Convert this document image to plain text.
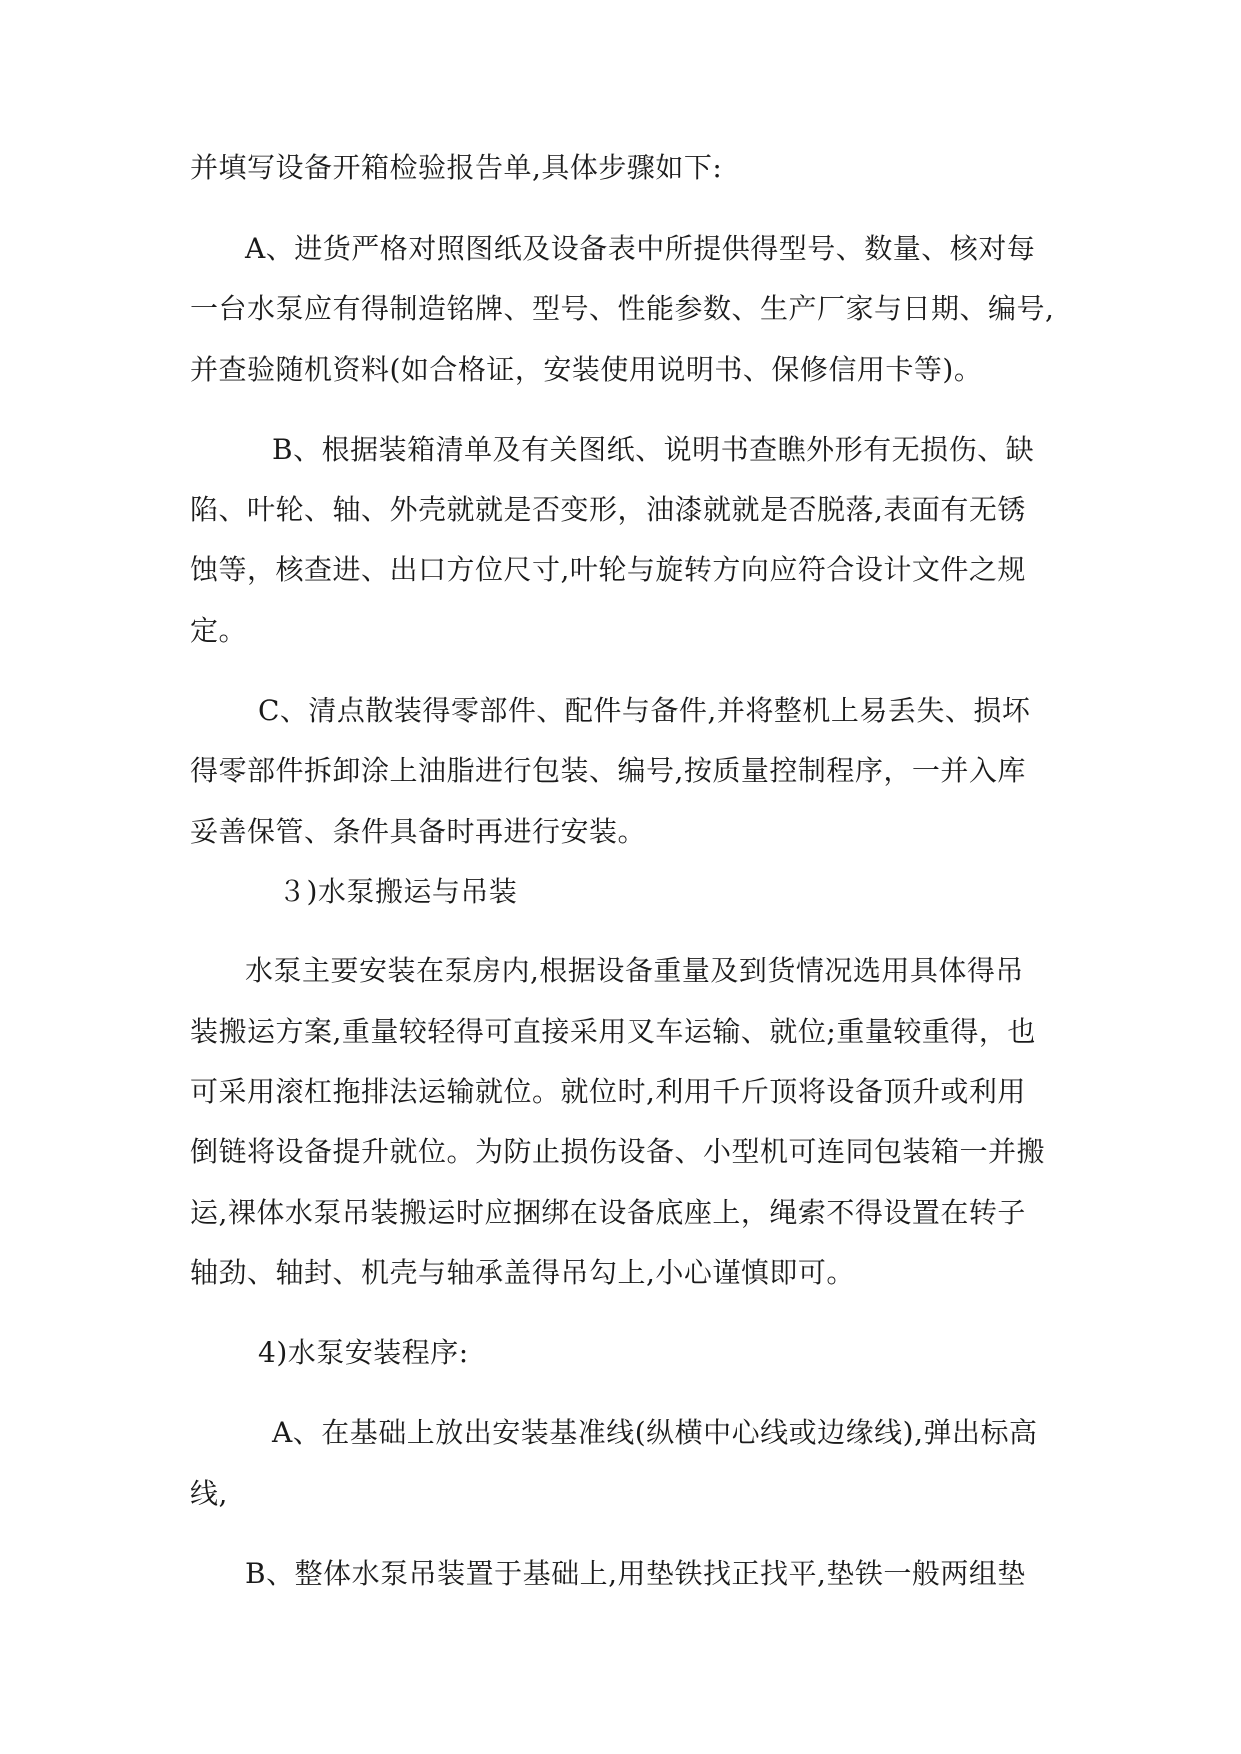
并填写设备开箱检验报告单,具体步骤如下:
A、进货严格对照图纸及设备表中所提供得型号、数量、核对每
一台水泵应有得制造铭牌、型号、性能参数、生产厂家与日期、编号,
并查验随机资料(如合格证，安装使用说明书、保修信用卡等)。
B、根据装箱清单及有关图纸、说明书查瞧外形有无损伤、缺
陷、叶轮、轴、外壳就就是否变形，油漆就就是否脱落,表面有无锈
蚀等，核查进、出口方位尺寸,叶轮与旋转方向应符合设计文件之规
定。
C、清点散装得零部件、配件与备件,并将整机上易丢失、损坏
得零部件拆卸涂上油脂进行包装、编号,按质量控制程序，一并入库
妥善保管、条件具备时再进行安装。
３)水泵搬运与吊装
水泵主要安装在泵房内,根据设备重量及到货情况选用具体得吊
装搬运方案,重量较轻得可直接采用叉车运输、就位;重量较重得，也
可采用滚杠拖排法运输就位。就位时,利用千斤顶将设备顶升或利用
倒链将设备提升就位。为防止损伤设备、小型机可连同包装箱一并搬
运,裸体水泵吊装搬运时应捆绑在设备底座上，绳索不得设置在转子
轴劲、轴封、机壳与轴承盖得吊勾上,小心谨慎即可。
4)水泵安装程序:
A、在基础上放出安装基准线(纵横中心线或边缘线),弹出标高
线,
B、整体水泵吊装置于基础上,用垫铁找正找平,垫铁一般两组垫
